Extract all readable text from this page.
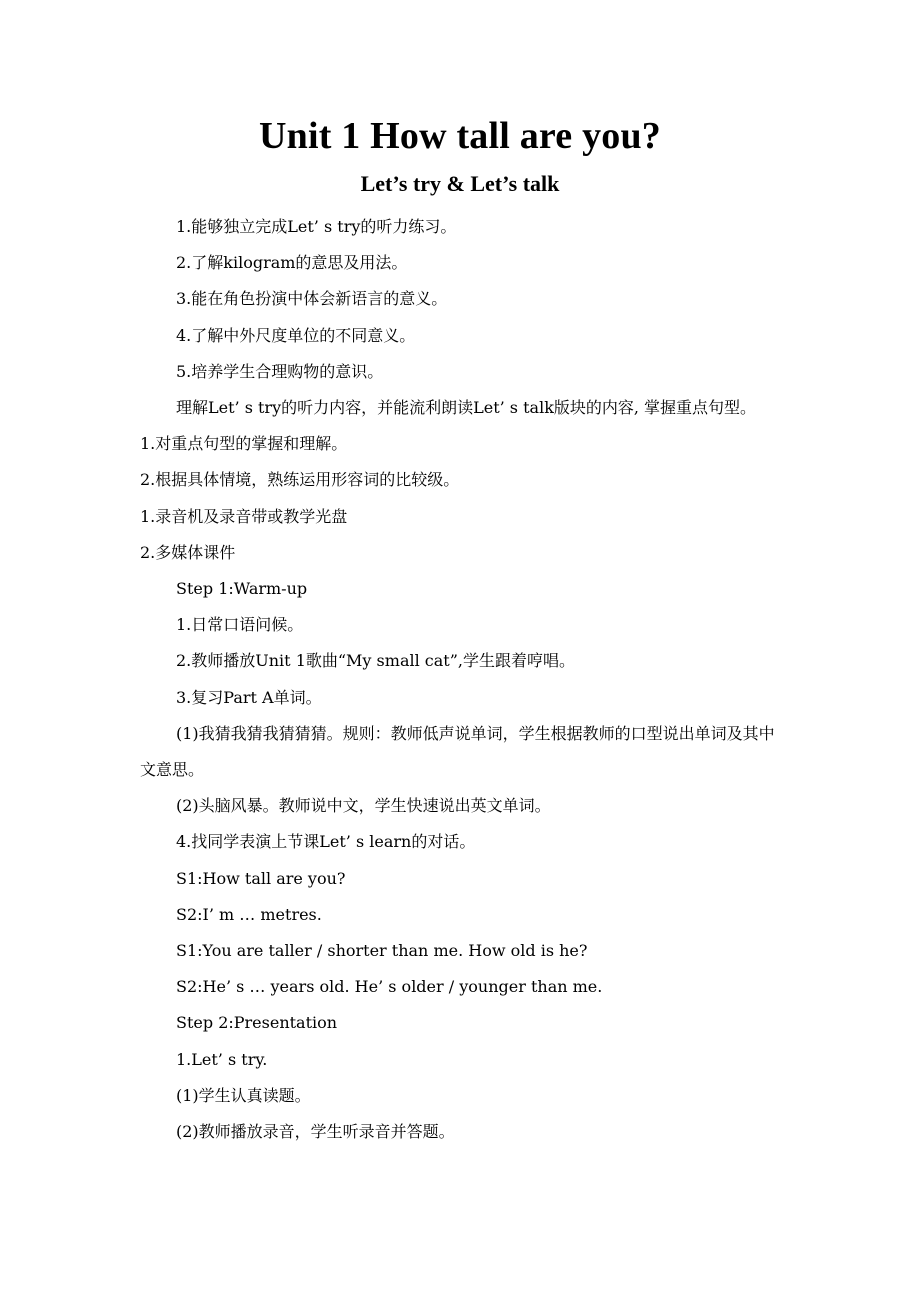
Unit 1 How tall are you?
Let’s try & Let’s talk

1.能够独立完成Let’ s try的听力练习。

2.了解kilogram的意思及用法。

3.能在角色扮演中体会新语言的意义。

4.了解中外尺度单位的不同意义。

5.培养学生合理购物的意识。

理解Let’ s try的听力内容，并能流利朗读Let’ s talk版块的内容, 掌握重点句型。

1.对重点句型的掌握和理解。

2.根据具体情境，熟练运用形容词的比较级。

1.录音机及录音带或教学光盘

2.多媒体课件

Step 1:Warm-up

1.日常口语问候。

2.教师播放Unit 1歌曲“My small cat”,学生跟着哼唱。

3.复习Part A单词。

(1)我猜我猜我猜猜猜。规则：教师低声说单词，学生根据教师的口型说出单词及其中文意思。

(2)头脑风暴。教师说中文，学生快速说出英文单词。

4.找同学表演上节课Let’ s learn的对话。

S1:How tall are you?

S2:I’ m … metres.

S1:You are taller / shorter than me. How old is he?

S2:He’ s … years old. He’ s older / younger than me.

Step 2:Presentation

1.Let’ s try.

(1)学生认真读题。

(2)教师播放录音，学生听录音并答题。
